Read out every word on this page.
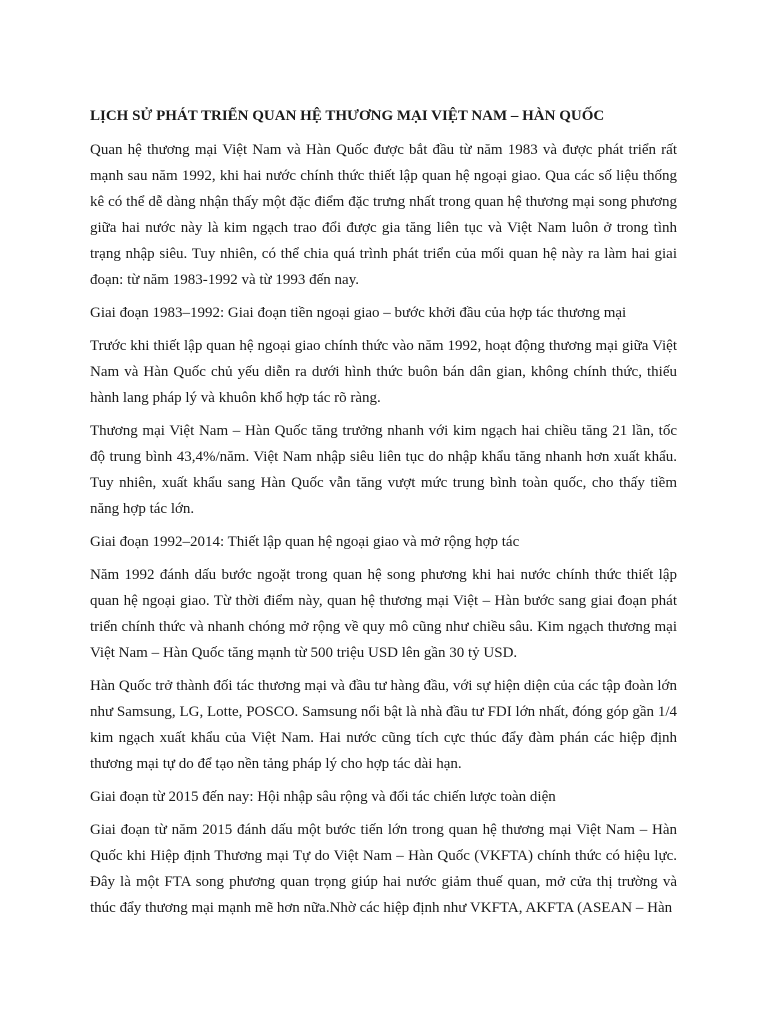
LỊCH SỬ PHÁT TRIỂN QUAN HỆ THƯƠNG MẠI VIỆT NAM – HÀN QUỐC

Quan hệ thương mại Việt Nam và Hàn Quốc được bắt đầu từ năm 1983 và được phát triển rất mạnh sau năm 1992, khi hai nước chính thức thiết lập quan hệ ngoại giao. Qua các số liệu thống kê có thể dễ dàng nhận thấy một đặc điểm đặc trưng nhất trong quan hệ thương mại song phương giữa hai nước này là kim ngạch trao đổi được gia tăng liên tục và Việt Nam luôn ở trong tình trạng nhập siêu. Tuy nhiên, có thể chia quá trình phát triển của mối quan hệ này ra làm hai giai đoạn: từ năm 1983-1992 và từ 1993 đến nay.

Giai đoạn 1983–1992: Giai đoạn tiền ngoại giao – bước khởi đầu của hợp tác thương mại

Trước khi thiết lập quan hệ ngoại giao chính thức vào năm 1992, hoạt động thương mại giữa Việt Nam và Hàn Quốc chủ yếu diễn ra dưới hình thức buôn bán dân gian, không chính thức, thiếu hành lang pháp lý và khuôn khổ hợp tác rõ ràng.

Thương mại Việt Nam – Hàn Quốc tăng trưởng nhanh với kim ngạch hai chiều tăng 21 lần, tốc độ trung bình 43,4%/năm. Việt Nam nhập siêu liên tục do nhập khẩu tăng nhanh hơn xuất khẩu. Tuy nhiên, xuất khẩu sang Hàn Quốc vẫn tăng vượt mức trung bình toàn quốc, cho thấy tiềm năng hợp tác lớn.

Giai đoạn 1992–2014: Thiết lập quan hệ ngoại giao và mở rộng hợp tác

Năm 1992 đánh dấu bước ngoặt trong quan hệ song phương khi hai nước chính thức thiết lập quan hệ ngoại giao. Từ thời điểm này, quan hệ thương mại Việt – Hàn bước sang giai đoạn phát triển chính thức và nhanh chóng mở rộng về quy mô cũng như chiều sâu. Kim ngạch thương mại Việt Nam – Hàn Quốc tăng mạnh từ 500 triệu USD lên gần 30 tỷ USD.

Hàn Quốc trở thành đối tác thương mại và đầu tư hàng đầu, với sự hiện diện của các tập đoàn lớn như Samsung, LG, Lotte, POSCO. Samsung nổi bật là nhà đầu tư FDI lớn nhất, đóng góp gần 1/4 kim ngạch xuất khẩu của Việt Nam. Hai nước cũng tích cực thúc đẩy đàm phán các hiệp định thương mại tự do để tạo nền tảng pháp lý cho hợp tác dài hạn.

Giai đoạn từ 2015 đến nay: Hội nhập sâu rộng và đối tác chiến lược toàn diện

Giai đoạn từ năm 2015 đánh dấu một bước tiến lớn trong quan hệ thương mại Việt Nam – Hàn Quốc khi Hiệp định Thương mại Tự do Việt Nam – Hàn Quốc (VKFTA) chính thức có hiệu lực. Đây là một FTA song phương quan trọng giúp hai nước giảm thuế quan, mở cửa thị trường và thúc đẩy thương mại mạnh mẽ hơn nữa.Nhờ các hiệp định như VKFTA, AKFTA (ASEAN – Hàn
